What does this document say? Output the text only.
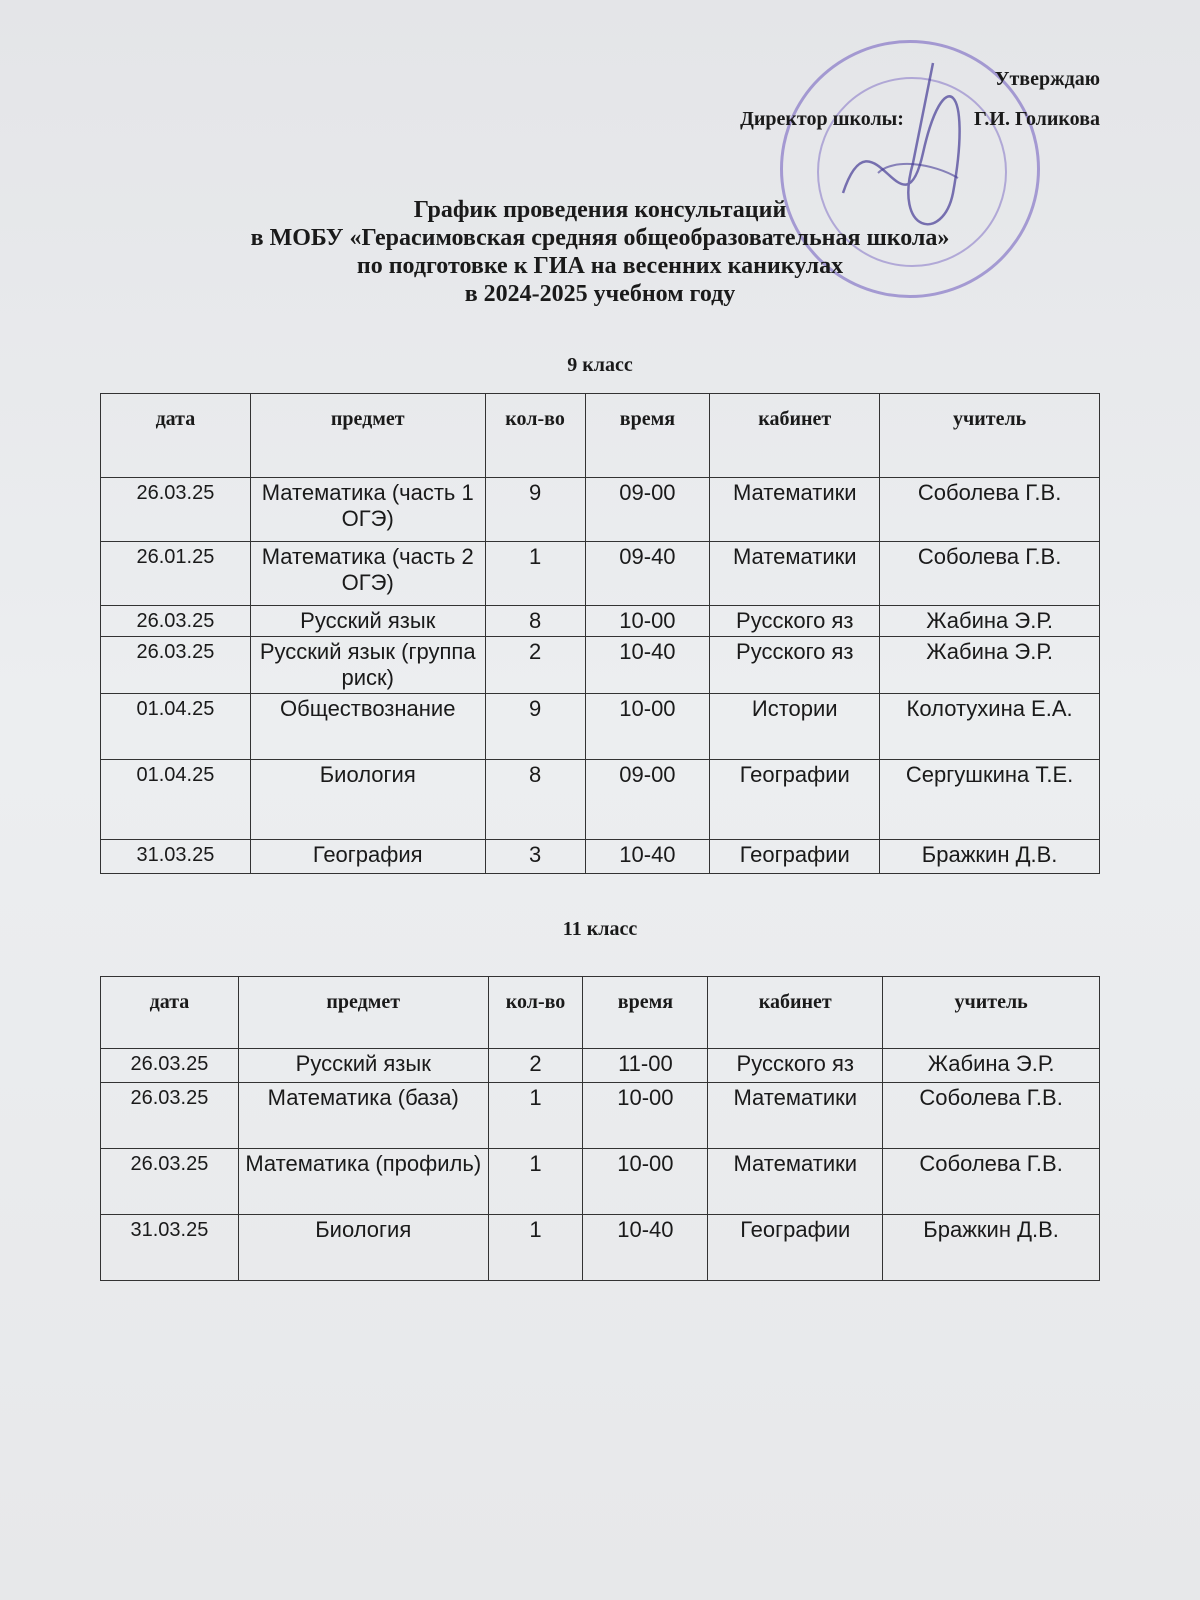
Утверждаю
Директор школы:	Г.И. Голикова
График проведения консультаций
в МОБУ «Герасимовская средняя общеобразовательная школа»
по подготовке к ГИА на весенних каникулах
в 2024-2025 учебном году
9 класс
дата	предмет	кол-во	время	кабинет	учитель
26.03.25	Математика (часть 1 ОГЭ)	9	09-00	Математики	Соболева Г.В.
26.01.25	Математика (часть 2 ОГЭ)	1	09-40	Математики	Соболева Г.В.
26.03.25	Русский язык	8	10-00	Русского яз	Жабина Э.Р.
26.03.25	Русский язык (группа риск)	2	10-40	Русского яз	Жабина Э.Р.
01.04.25	Обществознание	9	10-00	Истории	Колотухина Е.А.
01.04.25	Биология	8	09-00	Географии	Сергушкина Т.Е.
31.03.25	География	3	10-40	Географии	Бражкин Д.В.
11 класс
дата	предмет	кол-во	время	кабинет	учитель
26.03.25	Русский язык	2	11-00	Русского яз	Жабина Э.Р.
26.03.25	Математика (база)	1	10-00	Математики	Соболева Г.В.
26.03.25	Математика (профиль)	1	10-00	Математики	Соболева Г.В.
31.03.25	Биология	1	10-40	Географии	Бражкин Д.В.
